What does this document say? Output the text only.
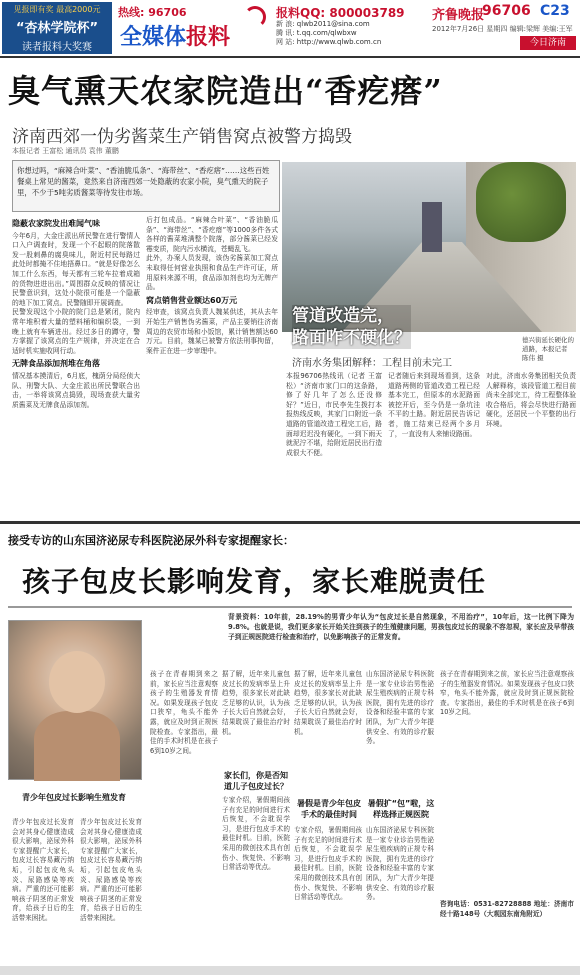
见报即有奖 最高2000元
“杏林学院杯”
读者报料大奖赛
热线: 96706
全媒体报料
报料QQ: 800003789
新 浪: qlwb2011@sina.com
腾 讯: t.qq.com/qlwbxw
网 站: http://www.qlwb.com.cn
齐鲁晚报
96706 C23
2012年7月26日 星期四 编辑:梁辉 美编:王军
今日济南
臭气熏天农家院造出“香疙瘩”
济南西郊一伪劣酱菜生产销售窝点被警方捣毁
本报记者 王富松 通讯员 袁伟 董鹏
你想过吗，“麻辣合叶菜”、“香油脆瓜条”、“海带丝”、“香疙瘩”……这些百姓餐桌上常见的酱菜，竟然来自济南西郊一处隐蔽的农家小院，臭气熏天的院子里，不少于5吨劣质酱菜等待发往市场。
隐蔽农家院发出难闻气味

今年6月，大金庄派出所民警在进行警情人口入户调查时，发现一个不起眼的院落散发一股刺鼻的腐臭味儿，附近村民每路过此处时都掩不住地捂鼻口。“就是好像怎么加工什么东西，每天都有三轮车拉着成箱的货物进进出出。”周围群众反映的情况让民警意识到，这处小院很可能是一个隐蔽的地下加工窝点。民警随即开展调查。

民警发现这个小院的院门总是紧闭，院内常年堆积着大量的塑料桶和编织袋，一到晚上就有车辆进出。经过多日的蹲守，警方掌握了该窝点的生产规律，并决定在合适时机实施收网行动。

无牌食品添加剂堆在角落

情况基本摸清后，6月底，槐荫分局经侦大队、刑警大队、大金庄派出所民警联合出击，一举将该窝点捣毁，现场查获大量劣质酱菜及无牌食品添加剂。

后打包成品。“麻辣合叶菜”、“香油脆瓜条”、“海带丝”、“香疙瘩”等1000多件各式各样的酱菜堆满整个院落，部分酱菜已经发霉变质，院内污水横流，苍蝇乱飞。

此外，办案人员发现，该伪劣酱菜加工窝点未取得任何营业执照和食品生产许可证，所用原料来源不明，食品添加剂也均为无牌产品。

窝点销售营业额达60万元

经审查，该窝点负责人魏某供述，其从去年开始生产销售伪劣酱菜，产品主要销往济南周边的农贸市场和小饭馆，累计销售额达60万元。目前，魏某已被警方依法刑事拘留，案件正在进一步审理中。

管道改造完，
路面咋不硬化？
济南水务集团解释：工程目前未完工
德兴街延长硬化的道路，本报记者 陈伟 摄

本报96706热线讯（记者 王富松）“济南市家门口的这条路，修了好几年了怎么还没修好？”近日，市民李先生拨打本报热线反映，其家门口附近一条道路的管道改造工程完工后，路面却迟迟没有硬化，一到下雨天就泥泞不堪，给附近居民出行造成很大不便。

记者随后来到现场看到，这条道路两侧的管道改造工程已经基本完工，但原本的水泥路面被挖开后，至今仍是一条坑洼不平的土路。附近居民告诉记者，施工结束已经两个多月了，一直没有人来铺设路面。

对此，济南水务集团相关负责人解释称，该段管道工程目前尚未全部完工，待工程整体验收合格后，将会尽快进行路面硬化，还居民一个平整的出行环境。

接受专访的山东国济泌尿专科医院泌尿外科专家提醒家长：
孩子包皮长影响发育，家长难脱责任
背景资料：10年前，28.19%的男青少年认为“包皮过长是自然现象，不用治疗”，10年后，这一比例下降为9.8%。也就是说，我们更多家长开始关注到孩子的生殖健康问题，男孩包皮过长的现象不容忽视，家长应及早带孩子到正规医院进行检查和治疗，以免影响孩子的正常发育。
青少年包皮过长影响生殖发育

青少年包皮过长发育会对其身心健康造成很大影响，泌尿外科专家提醒广大家长，包皮过长容易藏污纳垢，引起包皮龟头炎、尿路感染等疾病。严重的还可能影响孩子阴茎的正常发育，给孩子日后的生活带来困扰。

青少年包皮过长发育会对其身心健康造成很大影响，泌尿外科专家提醒广大家长，包皮过长容易藏污纳垢，引起包皮龟头炎、尿路感染等疾病。严重的还可能影响孩子阴茎的正常发育，给孩子日后的生活带来困扰。

孩子在青春期到来之前，家长应当注意观察孩子的生殖器发育情况。如果发现孩子包皮口狭窄，龟头不能外露，就应及时到正规医院检查。专家指出，最佳的手术时机是在孩子6到10岁之间。

据了解，近年来儿童包皮过长的发病率呈上升趋势，很多家长对此缺乏足够的认识，认为孩子长大后自然就会好，结果耽误了最佳治疗时机。

家长们，你是否知道儿子包皮过长？

专家介绍，暑假期间孩子有充足的时间进行术后恢复，不会耽误学习，是进行包皮手术的最佳时机。目前，医院采用的微创技术具有创伤小、恢复快、不影响日常活动等优点。

据了解，近年来儿童包皮过长的发病率呈上升趋势，很多家长对此缺乏足够的认识，认为孩子长大后自然就会好，结果耽误了最佳治疗时机。

暑假是青少年包皮手术的最佳时间

专家介绍，暑假期间孩子有充足的时间进行术后恢复，不会耽误学习，是进行包皮手术的最佳时机。目前，医院采用的微创技术具有创伤小、恢复快、不影响日常活动等优点。

山东国济泌尿专科医院是一家专业诊治男性泌尿生殖疾病的正规专科医院，拥有先进的诊疗设备和经验丰富的专家团队，为广大青少年提供安全、有效的诊疗服务。

暑假扩“包”啦，这样选择正规医院

山东国济泌尿专科医院是一家专业诊治男性泌尿生殖疾病的正规专科医院，拥有先进的诊疗设备和经验丰富的专家团队，为广大青少年提供安全、有效的诊疗服务。

孩子在青春期到来之前，家长应当注意观察孩子的生殖器发育情况。如果发现孩子包皮口狭窄，龟头不能外露，就应及时到正规医院检查。专家指出，最佳的手术时机是在孩子6到10岁之间。

咨询电话：0531-82728888 地址：济南市经十路148号（大观园东南角附近）
